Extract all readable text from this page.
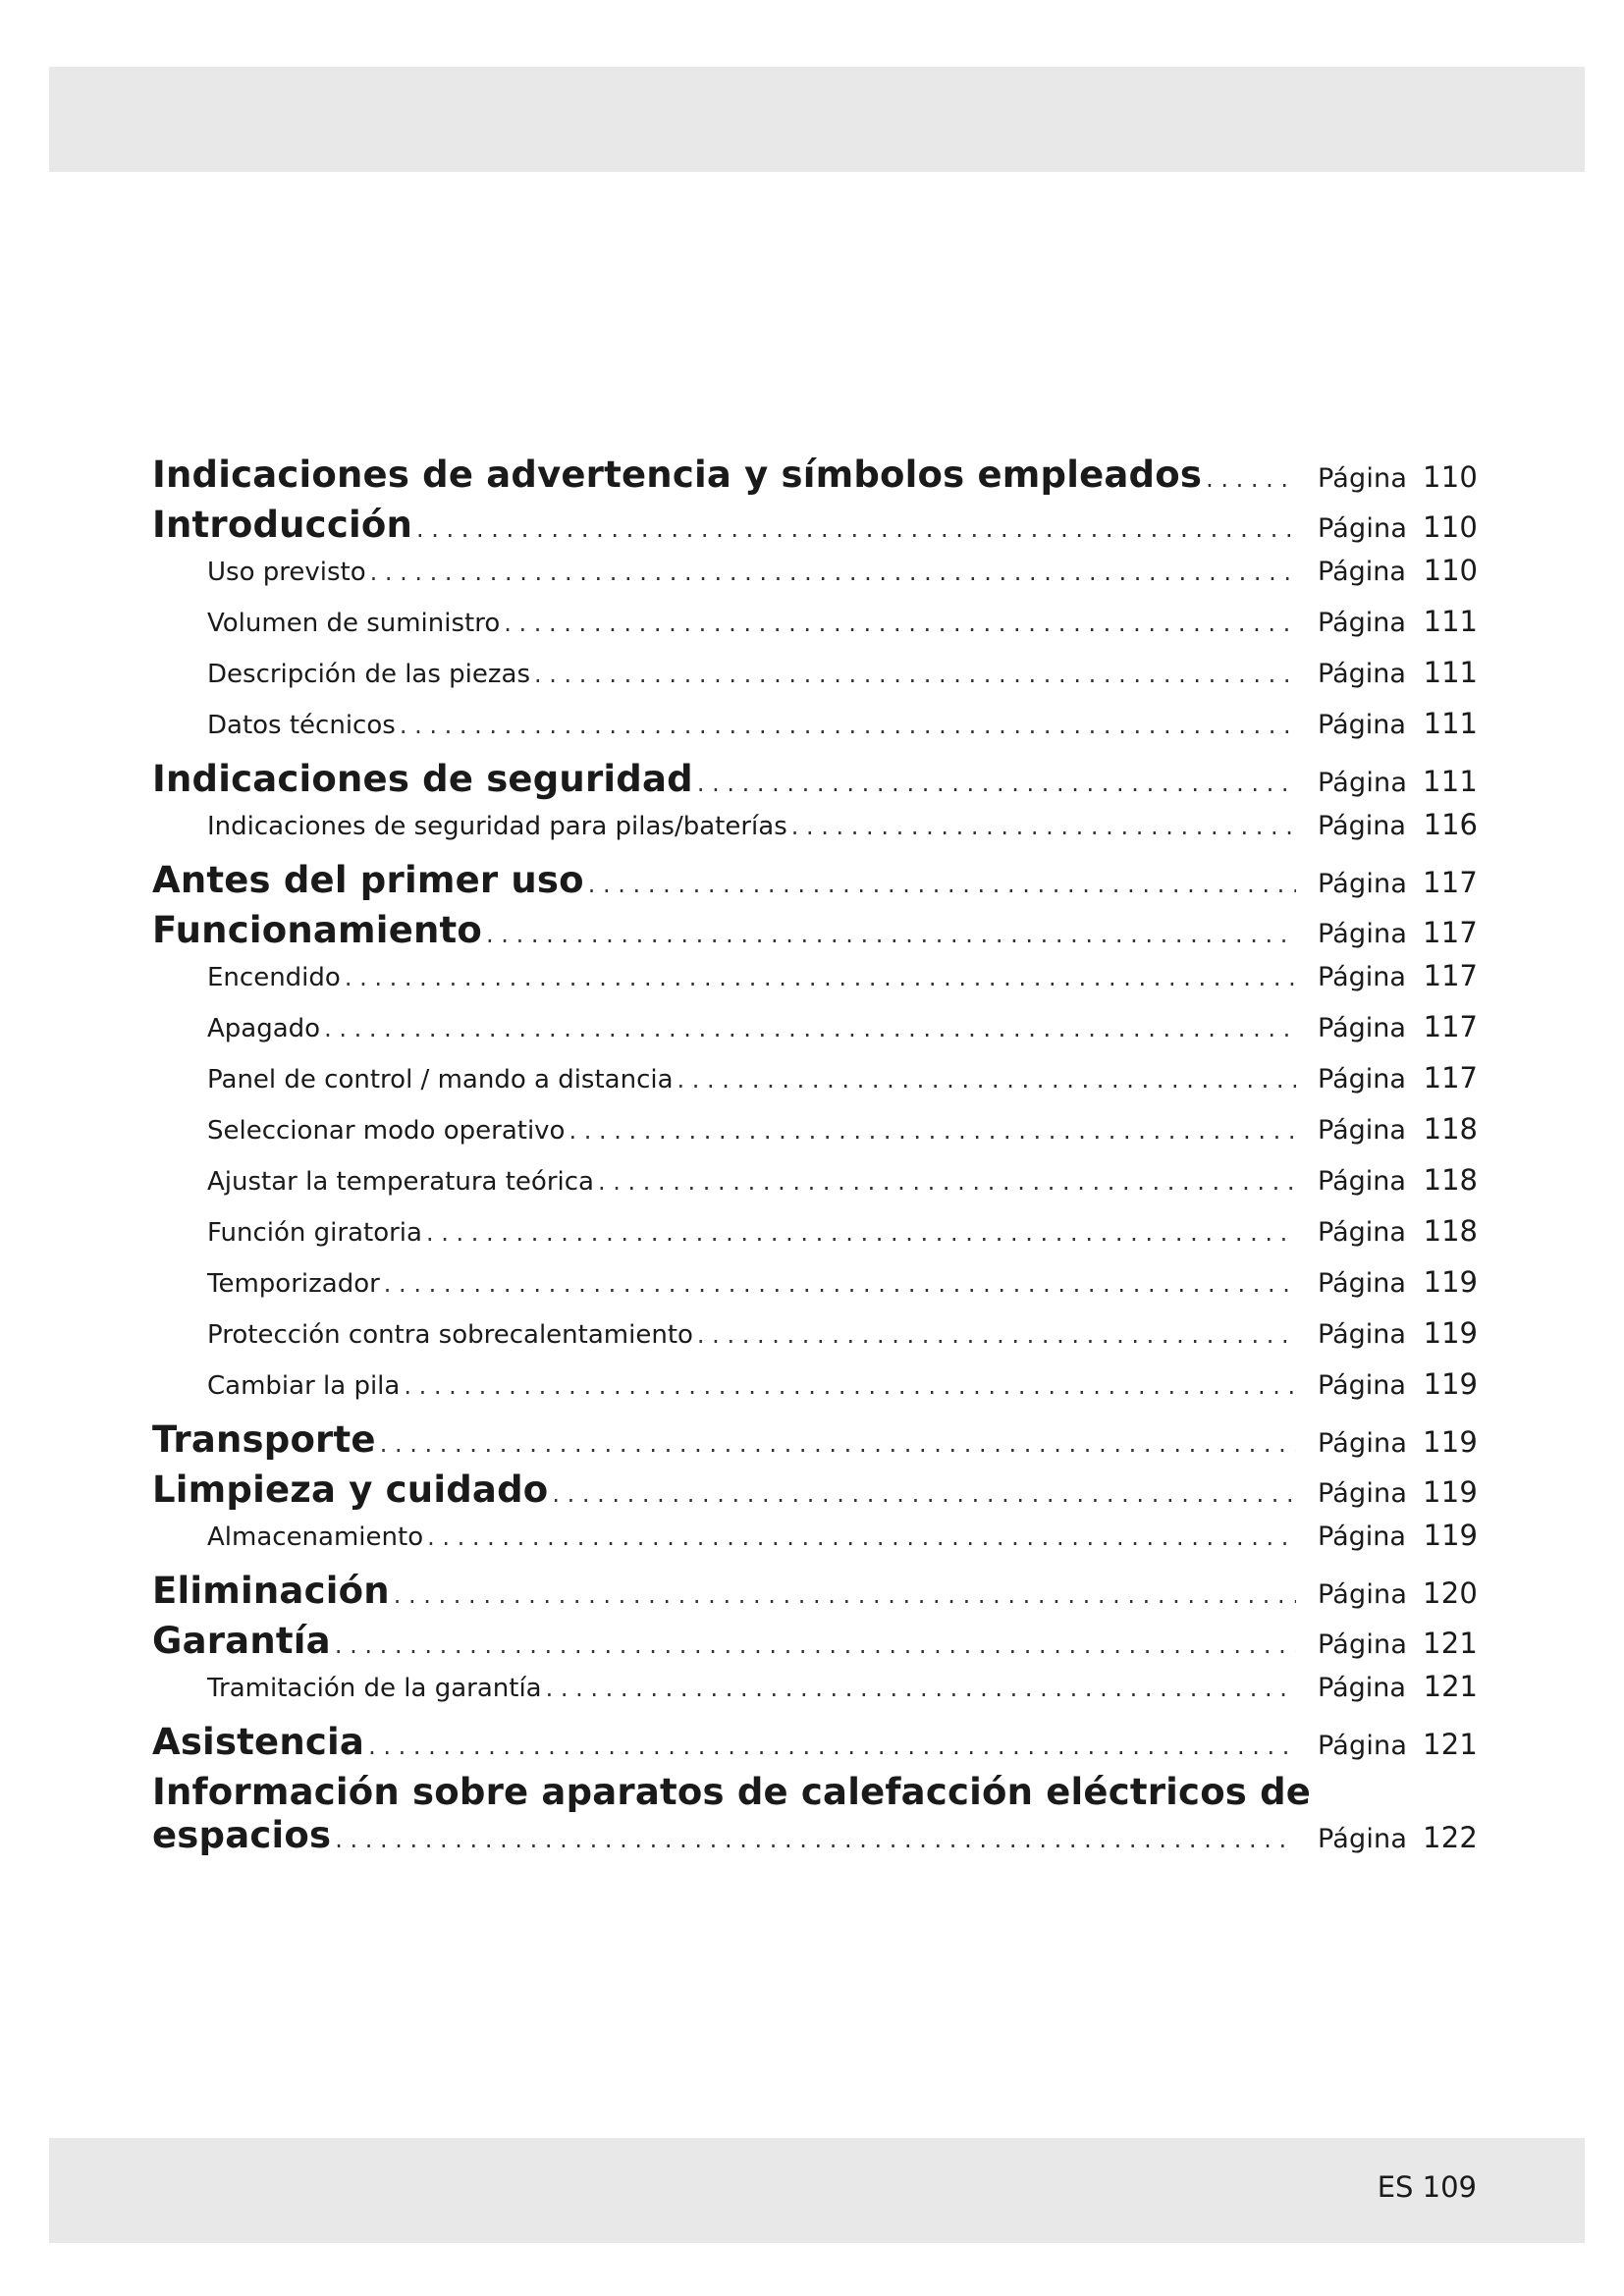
Indicaciones de advertencia y símbolos empleados . . .	Página 110
Introducción . . .	Página 110
Uso previsto . . .	Página 110
Volumen de suministro . . .	Página 111
Descripción de las piezas . . .	Página 111
Datos técnicos . . .	Página 111
Indicaciones de seguridad . . .	Página 111
Indicaciones de seguridad para pilas/baterías . . .	Página 116
Antes del primer uso . . .	Página 117
Funcionamiento . . .	Página 117
Encendido . . .	Página 117
Apagado . . .	Página 117
Panel de control / mando a distancia . . .	Página 117
Seleccionar modo operativo . . .	Página 118
Ajustar la temperatura teórica . . .	Página 118
Función giratoria . . .	Página 118
Temporizador . . .	Página 119
Protección contra sobrecalentamiento . . .	Página 119
Cambiar la pila . . .	Página 119
Transporte . . .	Página 119
Limpieza y cuidado . . .	Página 119
Almacenamiento . . .	Página 119
Eliminación . . .	Página 120
Garantía . . .	Página 121
Tramitación de la garantía . . .	Página 121
Asistencia . . .	Página 121
Información sobre aparatos de calefacción eléctricos de
espacios . . .	Página 122
ES 109
